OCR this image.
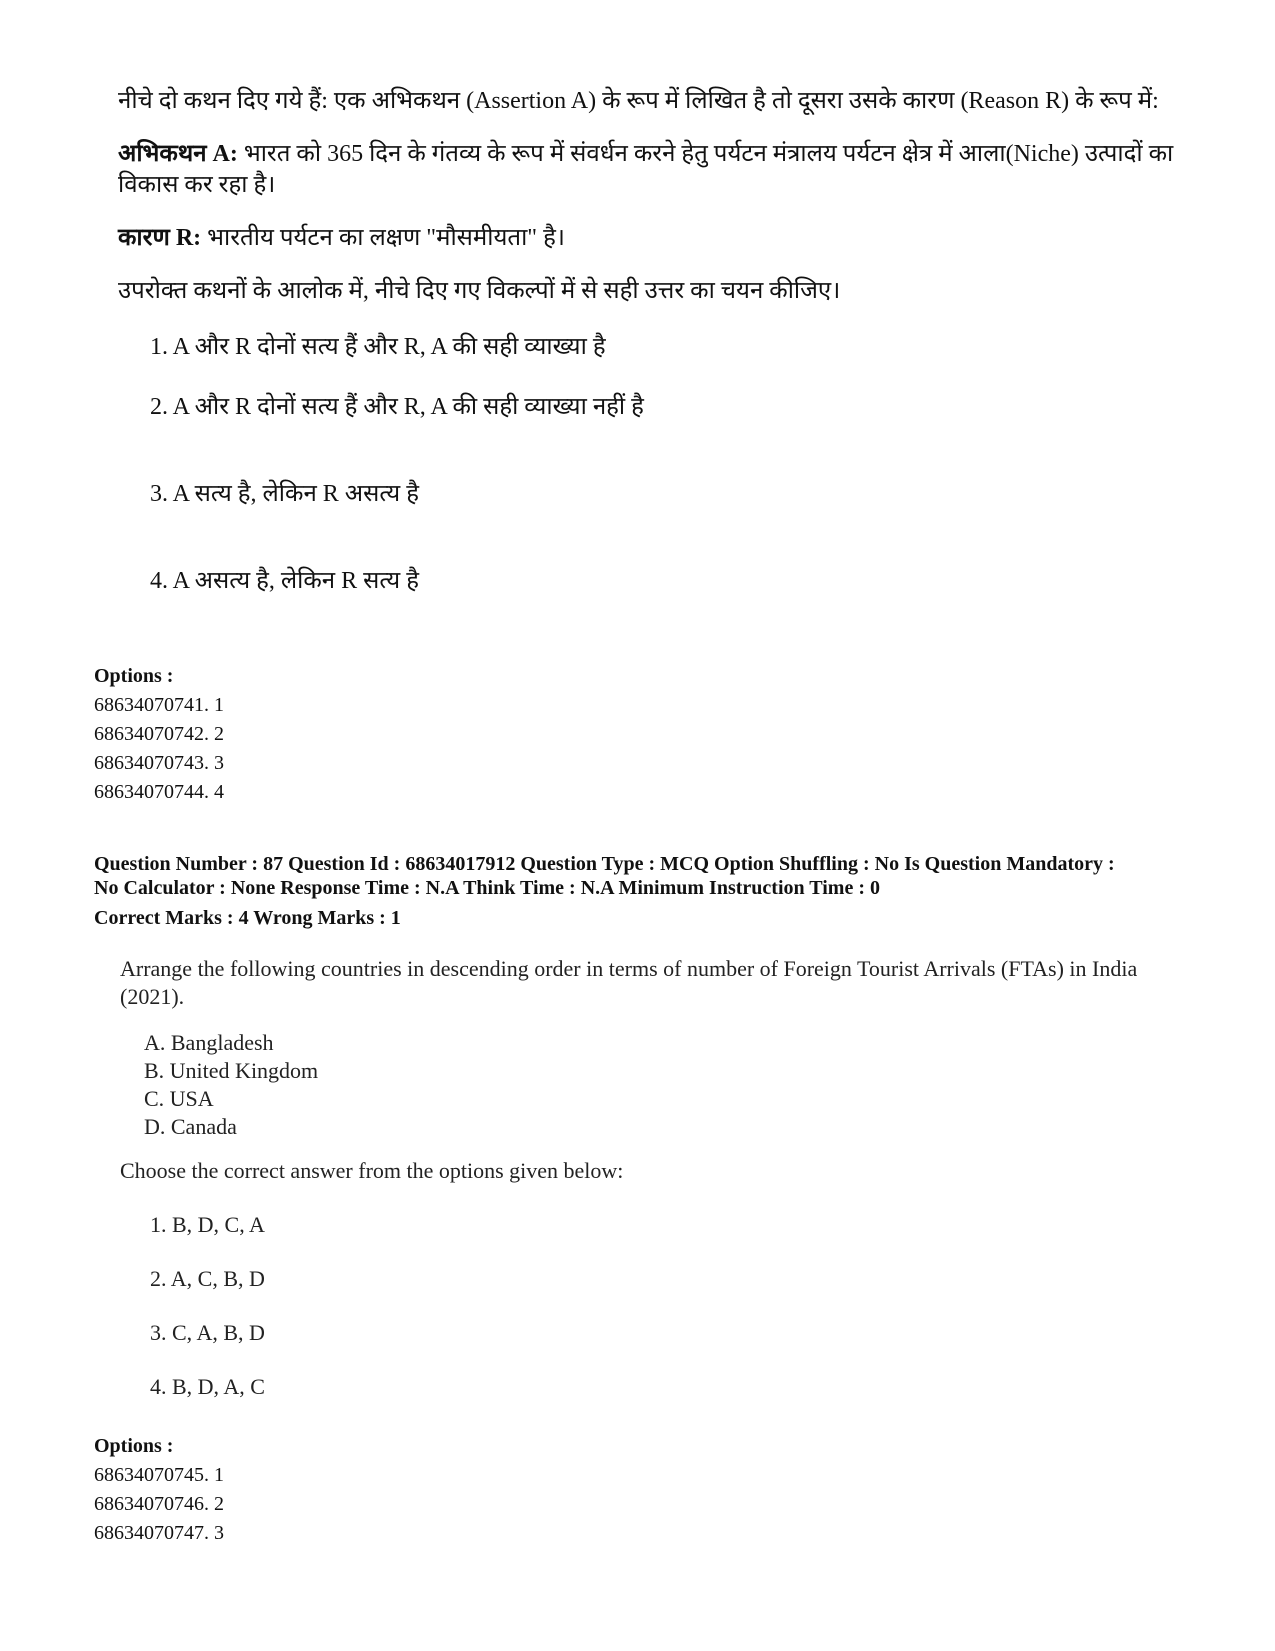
नीचे दो कथन दिए गये हैं: एक अभिकथन (Assertion A) के रूप में लिखित है तो दूसरा उसके कारण (Reason R) के रूप में:

अभिकथन A: भारत को 365 दिन के गंतव्य के रूप में संवर्धन करने हेतु पर्यटन मंत्रालय पर्यटन क्षेत्र में आला(Niche) उत्पादों का विकास कर रहा है।

कारण R: भारतीय पर्यटन का लक्षण "मौसमीयता" है।

उपरोक्त कथनों के आलोक में, नीचे दिए गए विकल्पों में से सही उत्तर का चयन कीजिए।

1. A और R दोनों सत्य हैं और R, A की सही व्याख्या है
2. A और R दोनों सत्य हैं और R, A की सही व्याख्या नहीं है
3. A सत्य है, लेकिन R असत्य है
4. A असत्य है, लेकिन R सत्य है
Options :
68634070741. 1
68634070742. 2
68634070743. 3
68634070744. 4
Question Number : 87 Question Id : 68634017912 Question Type : MCQ Option Shuffling : No Is Question Mandatory :
No Calculator : None Response Time : N.A Think Time : N.A Minimum Instruction Time : 0
Correct Marks : 4 Wrong Marks : 1

Arrange the following countries in descending order in terms of number of Foreign Tourist Arrivals (FTAs) in India (2021).

A. Bangladesh
B. United Kingdom
C. USA
D. Canada

Choose the correct answer from the options given below:

1. B, D, C, A
2. A, C, B, D
3. C, A, B, D
4. B, D, A, C
Options :
68634070745. 1
68634070746. 2
68634070747. 3
